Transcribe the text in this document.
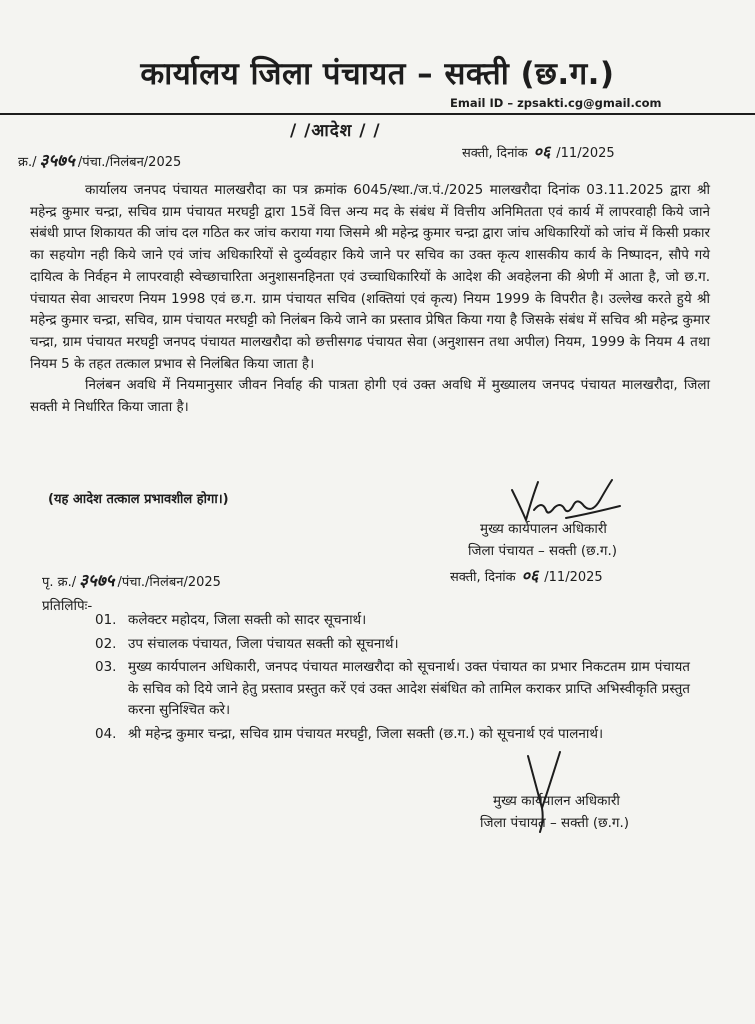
कार्यालय जिला पंचायत – सक्ती (छ.ग.)
Email ID – zpsakti.cg@gmail.com
/ /आदेश / /
क्र./ ३५७५ /पंचा./निलंबन/2025
सक्ती, दिनांक ०६ /11/2025

कार्यालय जनपद पंचायत मालखरौदा का पत्र क्रमांक 6045/स्था./ज.पं./2025 मालखरौदा दिनांक 03.11.2025 द्वारा श्री महेन्द्र कुमार चन्द्रा, सचिव ग्राम पंचायत मरघट्टी द्वारा 15वें वित्त अन्य मद के संबंध में वित्तीय अनिमितता एवं कार्य में लापरवाही किये जाने संबंधी प्राप्त शिकायत की जांच दल गठित कर जांच कराया गया जिसमे श्री महेन्द्र कुमार चन्द्रा द्वारा जांच अधिकारियों को जांच में किसी प्रकार का सहयोग नही किये जाने एवं जांच अधिकारियों से दुर्व्यवहार किये जाने पर सचिव का उक्त कृत्य शासकीय कार्य के निष्पादन, सौपे गये दायित्व के निर्वहन मे लापरवाही स्वेच्छाचारिता अनुशासनहिनता एवं उच्चाधिकारियों के आदेश की अवहेलना की श्रेणी में आता है, जो छ.ग. पंचायत सेवा आचरण नियम 1998 एवं छ.ग. ग्राम पंचायत सचिव (शक्तियां एवं कृत्य) नियम 1999 के विपरीत है। उल्लेख करते हुये श्री महेन्द्र कुमार चन्द्रा, सचिव, ग्राम पंचायत मरघट्टी को निलंबन किये जाने का प्रस्ताव प्रेषित किया गया है जिसके संबंध में सचिव श्री महेन्द्र कुमार चन्द्रा, ग्राम पंचायत मरघट्टी जनपद पंचायत मालखरौदा को छत्तीसगढ पंचायत सेवा (अनुशासन तथा अपील) नियम, 1999 के नियम 4 तथा नियम 5 के तहत तत्काल प्रभाव से निलंबित किया जाता है।

निलंबन अवधि में नियमानुसार जीवन निर्वाह की पात्रता होगी एवं उक्त अवधि में मुख्यालय जनपद पंचायत मालखरौदा, जिला सक्ती मे निर्धारित किया जाता है।

(यह आदेश तत्काल प्रभावशील होगा।)
मुख्य कार्यपालन अधिकारी
जिला पंचायत – सक्ती (छ.ग.)
पृ. क्र./ ३५७५ /पंचा./निलंबन/2025	सक्ती, दिनांक ०६ /11/2025
प्रतिलिपिः-
01. कलेक्टर महोदय, जिला सक्ती को सादर सूचनार्थ।
02. उप संचालक पंचायत, जिला पंचायत सक्ती को सूचनार्थ।
03. मुख्य कार्यपालन अधिकारी, जनपद पंचायत मालखरौदा को सूचनार्थ। उक्त पंचायत का प्रभार निकटतम ग्राम पंचायत के सचिव को दिये जाने हेतु प्रस्ताव प्रस्तुत करें एवं उक्त आदेश संबंधित को तामिल कराकर प्राप्ति अभिस्वीकृति प्रस्तुत करना सुनिश्चित करे।
04. श्री महेन्द्र कुमार चन्द्रा, सचिव ग्राम पंचायत मरघट्टी, जिला सक्ती (छ.ग.) को सूचनार्थ एवं पालनार्थ।
मुख्य कार्यपालन अधिकारी
जिला पंचायत – सक्ती (छ.ग.)
